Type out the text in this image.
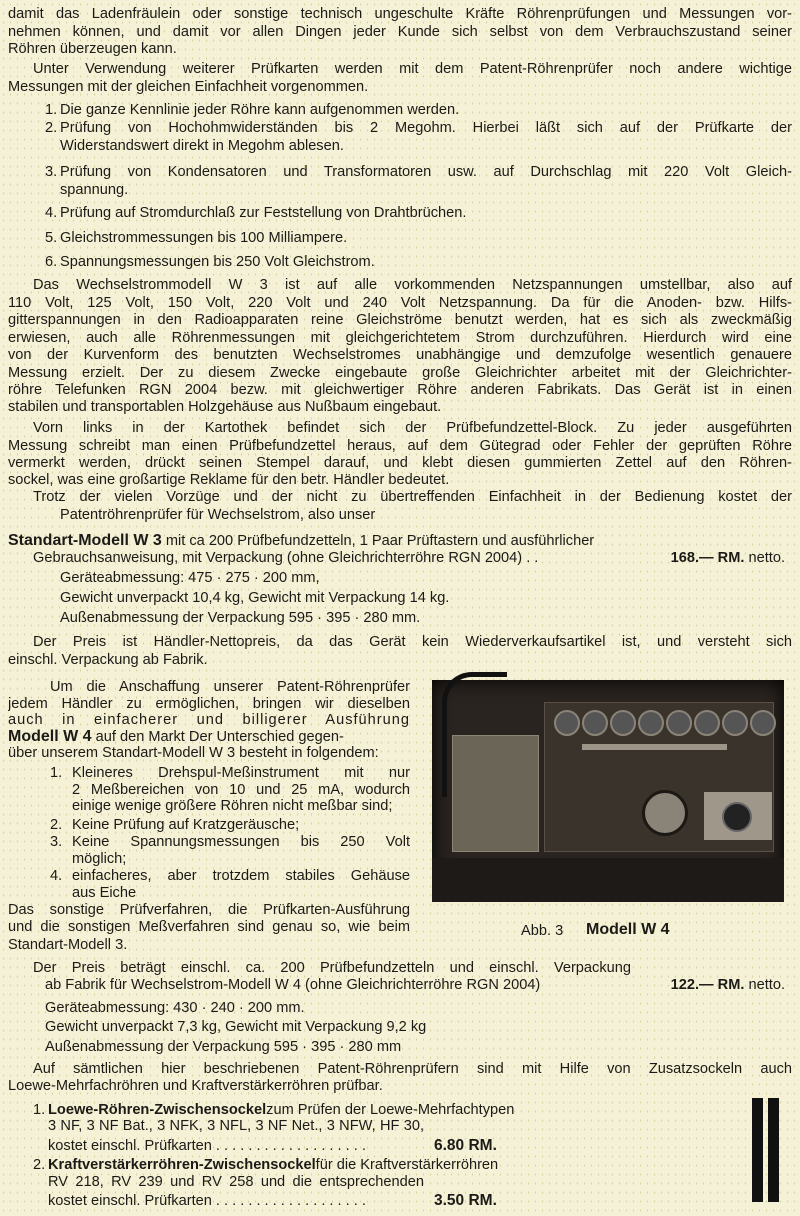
damit das Ladenfräulein oder sonstige technisch ungeschulte Kräfte Röhrenprüfungen und Messungen vor-
nehmen können, und damit vor allen Dingen jeder Kunde sich selbst von dem Verbrauchszustand seiner
Röhren überzeugen kann.
Unter Verwendung weiterer Prüfkarten werden mit dem Patent-Röhrenprüfer noch andere wichtige
Messungen mit der gleichen Einfachheit vorgenommen.
1. Die ganze Kennlinie jeder Röhre kann aufgenommen werden.
2. Prüfung von Hochohmwiderständen bis 2 Megohm. Hierbei läßt sich auf der Prüfkarte der
Widerstandswert direkt in Megohm ablesen.
3. Prüfung von Kondensatoren und Transformatoren usw. auf Durchschlag mit 220 Volt Gleich-
spannung.
4. Prüfung auf Stromdurchlaß zur Feststellung von Drahtbrüchen.
5. Gleichstrommessungen bis 100 Milliampere.
6. Spannungsmessungen bis 250 Volt Gleichstrom.
Das Wechselstrommodell W 3 ist auf alle vorkommenden Netzspannungen umstellbar, also auf
110 Volt, 125 Volt, 150 Volt, 220 Volt und 240 Volt Netzspannung. Da für die Anoden- bzw. Hilfs-
gitterspannungen in den Radioapparaten reine Gleichströme benutzt werden, hat es sich als zweckmäßig
erwiesen, auch alle Röhrenmessungen mit gleichgerichtetem Strom durchzuführen. Hierdurch wird eine
von der Kurvenform des benutzten Wechselstromes unabhängige und demzufolge wesentlich genauere
Messung erzielt. Der zu diesem Zwecke eingebaute große Gleichrichter arbeitet mit der Gleichrichter-
röhre Telefunken RGN 2004 bezw. mit gleichwertiger Röhre anderen Fabrikats. Das Gerät ist in einen
stabilen und transportablen Holzgehäuse aus Nußbaum eingebaut.
Vorn links in der Kartothek befindet sich der Prüfbefundzettel-Block. Zu jeder ausgeführten
Messung schreibt man einen Prüfbefundzettel heraus, auf dem Gütegrad oder Fehler der geprüften Röhre
vermerkt werden, drückt seinen Stempel darauf, und klebt diesen gummierten Zettel auf den Röhren-
sockel, was eine großartige Reklame für den betr. Händler bedeutet.
Trotz der vielen Vorzüge und der nicht zu übertreffenden Einfachheit in der Bedienung kostet der
Patentröhrenprüfer für Wechselstrom, also unser
Standart-Modell W 3 mit ca 200 Prüfbefundzetteln, 1 Paar Prüftastern und ausführlicher
Gebrauchsanweisung, mit Verpackung (ohne Gleichrichterröhre RGN 2004) . .	168.— RM. netto.
Geräteabmessung: 475 · 275 · 200 mm,
Gewicht unverpackt 10,4 kg, Gewicht mit Verpackung 14 kg.
Außenabmessung der Verpackung 595 · 395 · 280 mm.
Der Preis ist Händler-Nettopreis, da das Gerät kein Wiederverkaufsartikel ist, und versteht sich
einschl. Verpackung ab Fabrik.
Um die Anschaffung unserer Patent-Röhrenprüfer
jedem Händler zu ermöglichen, bringen wir dieselben
auch in einfacherer und billigerer Ausführung
Modell W 4 auf den Markt Der Unterschied gegen-
über unserem Standart-Modell W 3 besteht in folgendem:
1. Kleineres Drehspul-Meßinstrument mit nur
2 Meßbereichen von 10 und 25 mA, wodurch
einige wenige größere Röhren nicht meßbar sind;
2. Keine Prüfung auf Kratzgeräusche;
3. Keine Spannungsmessungen bis 250 Volt
möglich;
4. einfacheres, aber trotzdem stabiles Gehäuse
aus Eiche
Das sonstige Prüfverfahren, die Prüfkarten-Ausführung
und die sonstigen Meßverfahren sind genau so, wie beim
Standart-Modell 3.
Abb. 3 Modell W 4
Der Preis beträgt einschl. ca. 200 Prüfbefundzetteln und einschl. Verpackung
ab Fabrik für Wechselstrom-Modell W 4 (ohne Gleichrichterröhre RGN 2004)	122.— RM. netto.
Geräteabmessung: 430 · 240 · 200 mm.
Gewicht unverpackt 7,3 kg, Gewicht mit Verpackung 9,2 kg
Außenabmessung der Verpackung 595 · 395 · 280 mm
Auf sämtlichen hier beschriebenen Patent-Röhrenprüfern sind mit Hilfe von Zusatzsockeln auch
Loewe-Mehrfachröhren und Kraftverstärkerröhren prüfbar.
1. Loewe-Röhren-Zwischensockel zum Prüfen der Loewe-Mehrfachtypen
3 NF, 3 NF Bat., 3 NFK, 3 NFL, 3 NF Net., 3 NFW, HF 30,
kostet einschl. Prüfkarten . . . . . . . . . . . . . . . . . . .	6.80 RM.
2. Kraftverstärkerröhren-Zwischensockel für die Kraftverstärkerröhren
RV 218, RV 239 und RV 258 und die entsprechenden
kostet einschl. Prüfkarten . . . . . . . . . . . . . . . . . . .	3.50 RM.
